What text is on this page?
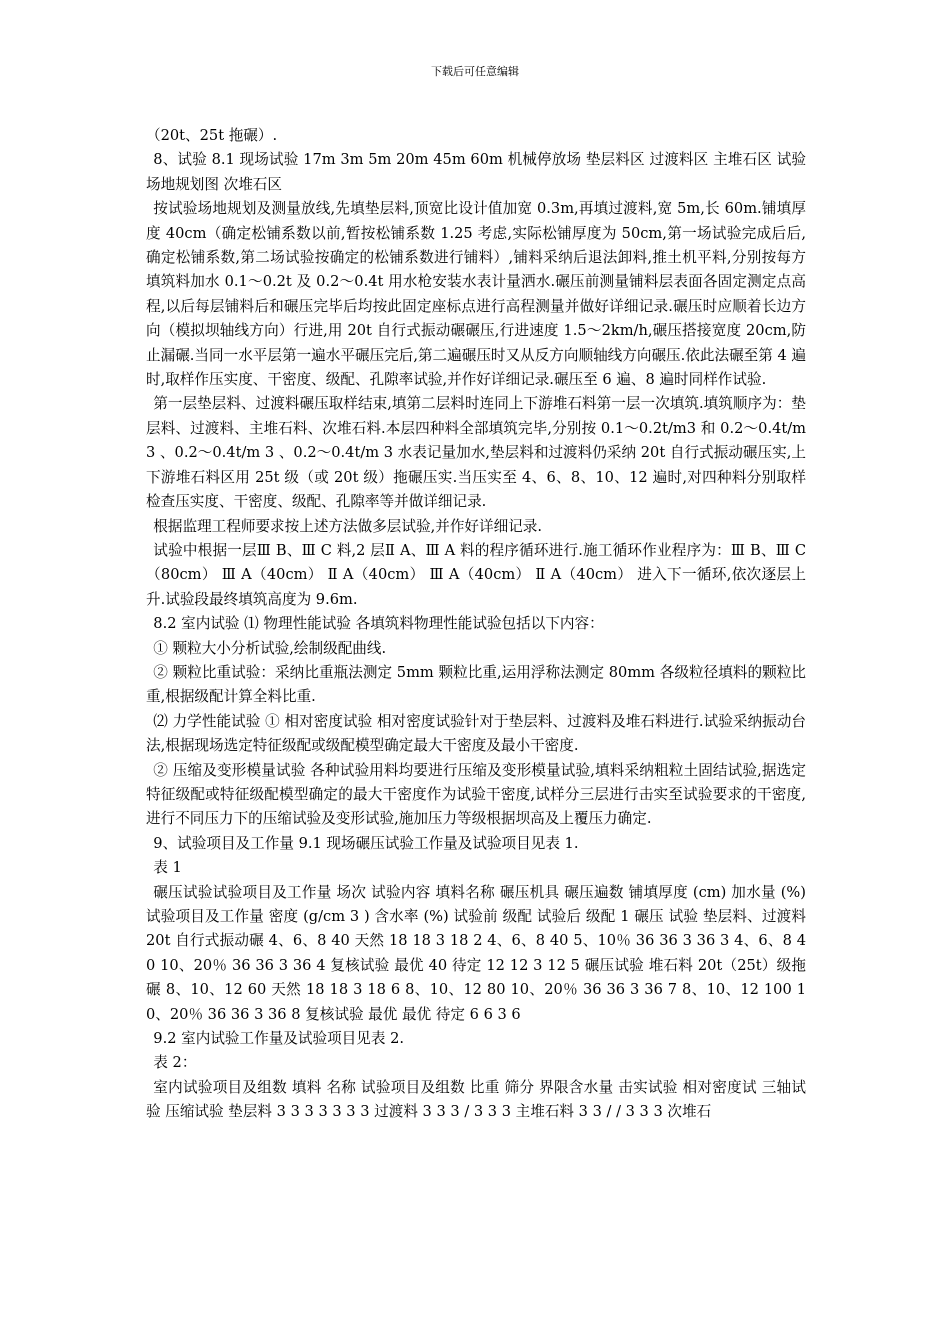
下载后可任意编辑

（20t、25t 拖碾）.

8、试验 8.1 现场试验 17m 3m 5m 20m 45m 60m 机械停放场 垫层料区 过渡料区 主堆石区 试验场地规划图 次堆石区

按试验场地规划及测量放线,先填垫层料,顶宽比设计值加宽 0.3m,再填过渡料,宽 5m,长 60m.铺填厚度 40cm（确定松铺系数以前,暂按松铺系数 1.25 考虑,实际松铺厚度为 50cm,第一场试验完成后后,确定松铺系数,第二场试验按确定的松铺系数进行铺料）,铺料采纳后退法卸料,推土机平料,分别按每方填筑料加水 0.1～0.2t 及 0.2～0.4t 用水枪安装水表计量洒水.碾压前测量铺料层表面各固定测定点高程,以后每层铺料后和碾压完毕后均按此固定座标点进行高程测量并做好详细记录.碾压时应顺着长边方向（模拟坝轴线方向）行进,用 20t 自行式振动碾碾压,行进速度 1.5～2km/h,碾压搭接宽度 20cm,防止漏碾.当同一水平层第一遍水平碾压完后,第二遍碾压时又从反方向顺轴线方向碾压.依此法碾至第 4 遍时,取样作压实度、干密度、级配、孔隙率试验,并作好详细记录.碾压至 6 遍、8 遍时同样作试验.

第一层垫层料、过渡料碾压取样结束,填第二层料时连同上下游堆石料第一层一次填筑.填筑顺序为：垫层料、过渡料、主堆石料、次堆石料.本层四种料全部填筑完毕,分别按 0.1～0.2t/m3 和 0.2～0.4t/m 3 、0.2～0.4t/m 3 、0.2～0.4t/m 3 水表记量加水,垫层料和过渡料仍采纳 20t 自行式振动碾压实,上下游堆石料区用 25t 级（或 20t 级）拖碾压实.当压实至 4、6、8、10、12 遍时,对四种料分别取样检查压实度、干密度、级配、孔隙率等并做详细记录.

根据监理工程师要求按上述方法做多层试验,并作好详细记录.

试验中根据一层Ⅲ B、Ⅲ C 料,2 层Ⅱ A、Ⅲ A 料的程序循环进行.施工循环作业程序为：Ⅲ B、Ⅲ C（80cm） Ⅲ A（40cm） Ⅱ A（40cm） Ⅲ A（40cm） Ⅱ A（40cm） 进入下一循环,依次逐层上升.试验段最终填筑高度为 9.6m.

8.2 室内试验 ⑴ 物理性能试验 各填筑料物理性能试验包括以下内容：

① 颗粒大小分析试验,绘制级配曲线.

② 颗粒比重试验：采纳比重瓶法测定 5mm 颗粒比重,运用浮称法测定 80mm 各级粒径填料的颗粒比重,根据级配计算全料比重.

⑵ 力学性能试验 ① 相对密度试验 相对密度试验针对于垫层料、过渡料及堆石料进行.试验采纳振动台法,根据现场选定特征级配或级配模型确定最大干密度及最小干密度.

② 压缩及变形模量试验 各种试验用料均要进行压缩及变形模量试验,填料采纳粗粒土固结试验,据选定特征级配或特征级配模型确定的最大干密度作为试验干密度,试样分三层进行击实至试验要求的干密度,进行不同压力下的压缩试验及变形试验,施加压力等级根据坝高及上覆压力确定.

9、试验项目及工作量 9.1 现场碾压试验工作量及试验项目见表 1.

表 1

碾压试验试验项目及工作量 场次 试验内容 填料名称 碾压机具 碾压遍数 铺填厚度 (cm) 加水量 (%) 试验项目及工作量 密度 (g/cm 3 ) 含水率 (%) 试验前 级配 试验后 级配 1 碾压 试验 垫层料、过渡料 20t 自行式振动碾 4、6、8 40 天然 18 18 3 18 2 4、6、8 40 5、10％ 36 36 3 36 3 4、6、8 40 10、20％ 36 36 3 36 4 复核试验 最优 40 待定 12 12 3 12 5 碾压试验 堆石料 20t（25t）级拖碾 8、10、12 60 天然 18 18 3 18 6 8、10、12 80 10、20％ 36 36 3 36 7 8、10、12 100 10、20％ 36 36 3 36 8 复核试验 最优 最优 待定 6 6 3 6

9.2 室内试验工作量及试验项目见表 2.

表 2：

室内试验项目及组数 填料 名称 试验项目及组数 比重 筛分 界限含水量 击实试验 相对密度试 三轴试验 压缩试验 垫层料 3 3 3 3 3 3 3 过渡料 3 3 3 / 3 3 3 主堆石料 3 3 / / 3 3 3 次堆石
